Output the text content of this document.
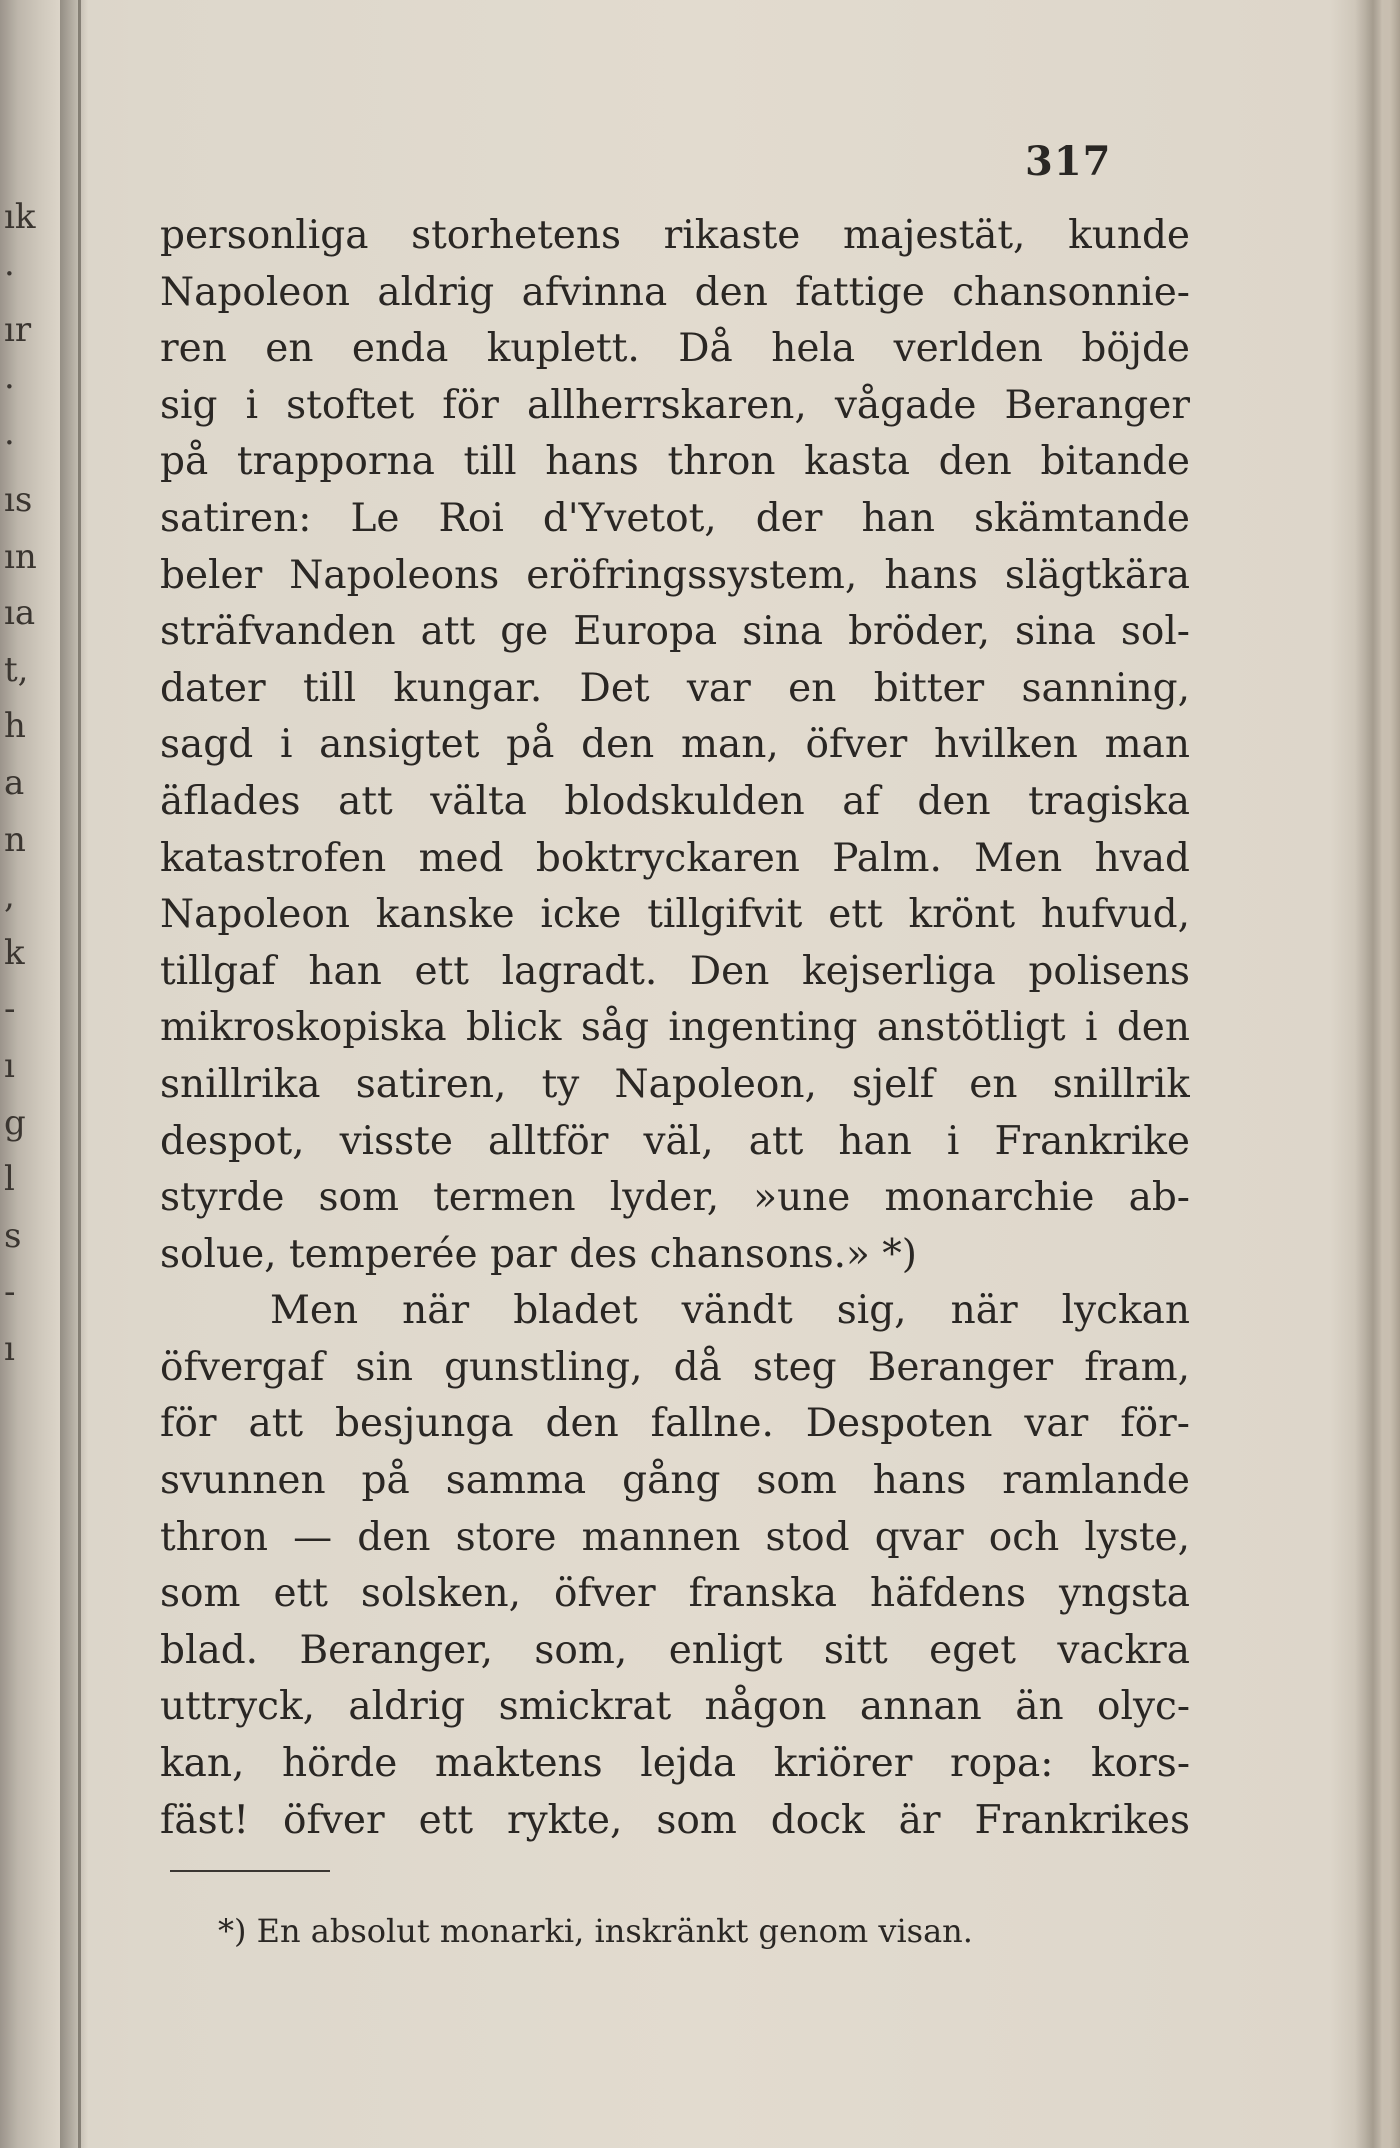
ık
·
ır
·
·
ıs
ın
ıa
t,
h
a
n
,
k
-
ı
g
l
s
-
ı
317
personliga storhetens rikaste majestät, kunde
Napoleon aldrig afvinna den fattige chansonnie-
ren en enda kuplett. Då hela verlden böjde
sig i stoftet för allherrskaren, vågade Beranger
på trapporna till hans thron kasta den bitande
satiren: Le Roi d'Yvetot, der han skämtande
beler Napoleons eröfringssystem, hans slägtkära
sträfvanden att ge Europa sina bröder, sina sol-
dater till kungar. Det var en bitter sanning,
sagd i ansigtet på den man, öfver hvilken man
äflades att välta blodskulden af den tragiska
katastrofen med boktryckaren Palm. Men hvad
Napoleon kanske icke tillgifvit ett krönt hufvud,
tillgaf han ett lagradt. Den kejserliga polisens
mikroskopiska blick såg ingenting anstötligt i den
snillrika satiren, ty Napoleon, sjelf en snillrik
despot, visste alltför väl, att han i Frankrike
styrde som termen lyder, »une monarchie ab-
solue, temperée par des chansons.» *)
Men när bladet vändt sig, när lyckan
öfvergaf sin gunstling, då steg Beranger fram,
för att besjunga den fallne. Despoten var för-
svunnen på samma gång som hans ramlande
thron — den store mannen stod qvar och lyste,
som ett solsken, öfver franska häfdens yngsta
blad. Beranger, som, enligt sitt eget vackra
uttryck, aldrig smickrat någon annan än olyc-
kan, hörde maktens lejda kriörer ropa: kors-
fäst! öfver ett rykte, som dock är Frankrikes
*) En absolut monarki, inskränkt genom visan.
